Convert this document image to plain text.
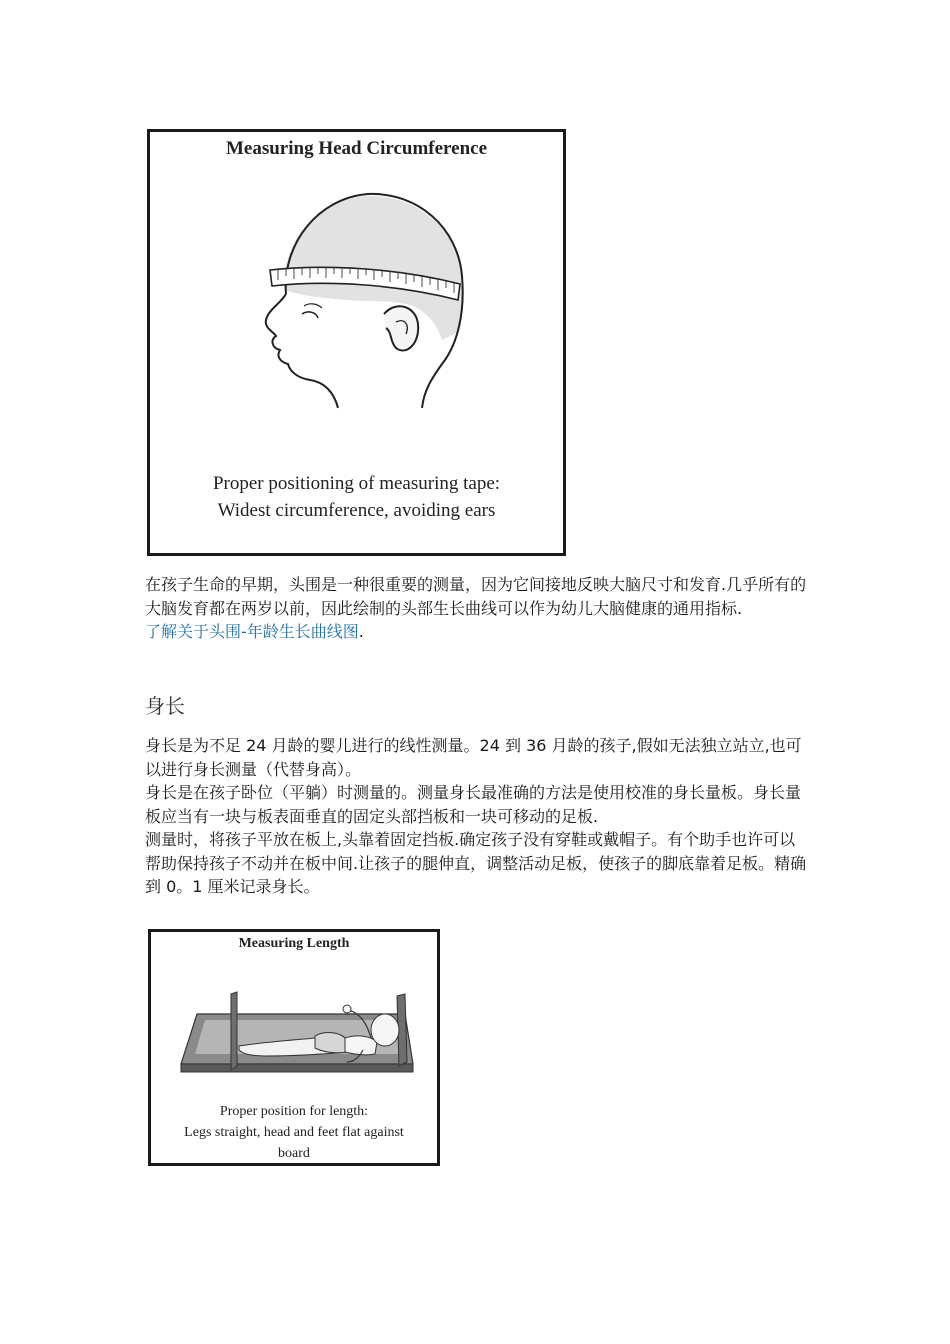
Measuring Head Circumference
Proper positioning of measuring tape:
Widest circumference, avoiding ears

在孩子生命的早期，头围是一种很重要的测量，因为它间接地反映大脑尺寸和发育.几乎所有的大脑发育都在两岁以前，因此绘制的头部生长曲线可以作为幼儿大脑健康的通用指标.

了解关于头围-年龄生长曲线图.

身长

身长是为不足 24 月龄的婴儿进行的线性测量。24 到 36 月龄的孩子,假如无法独立站立,也可以进行身长测量（代替身高）。

身长是在孩子卧位（平躺）时测量的。测量身长最准确的方法是使用校准的身长量板。身长量板应当有一块与板表面垂直的固定头部挡板和一块可移动的足板.

测量时，将孩子平放在板上,头靠着固定挡板.确定孩子没有穿鞋或戴帽子。有个助手也许可以帮助保持孩子不动并在板中间.让孩子的腿伸直，调整活动足板，使孩子的脚底靠着足板。精确到 0。1 厘米记录身长。

Measuring Length
Proper position for length:
Legs straight, head and feet flat against
board
